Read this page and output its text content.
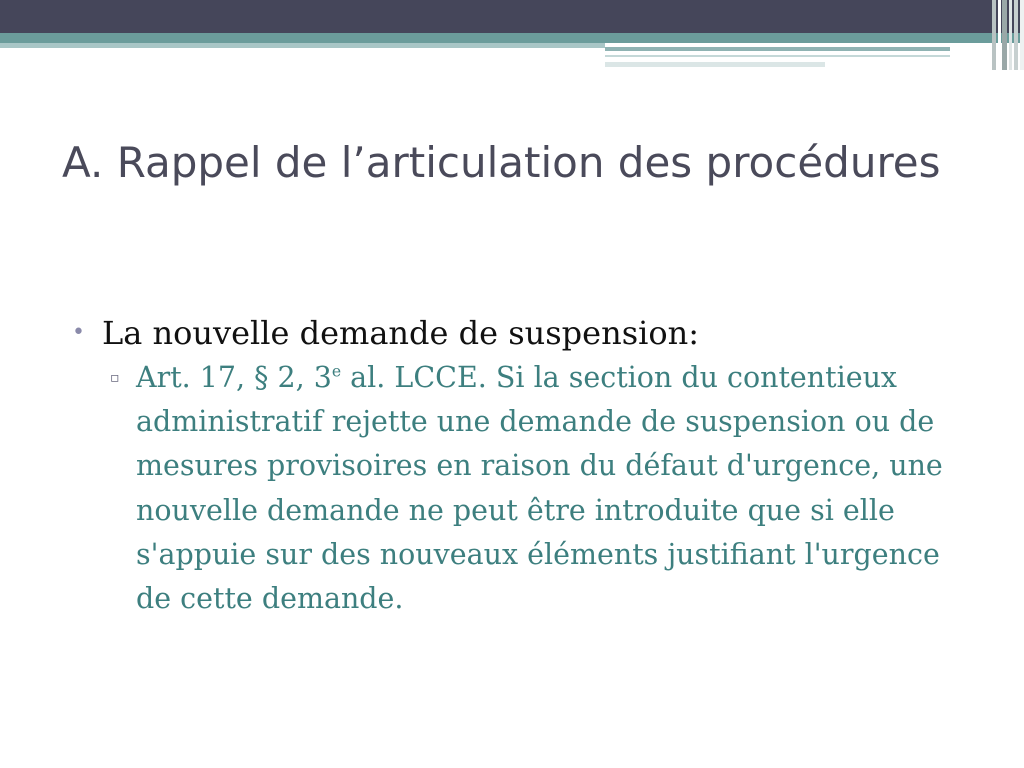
A. Rappel de l’articulation des procédures
• La nouvelle demande de suspension:
▫ Art. 17, § 2, 3e al. LCCE. Si la section du contentieux administratif rejette une demande de suspension ou de mesures provisoires en raison du défaut d'urgence, une nouvelle demande ne peut être introduite que si elle s'appuie sur des nouveaux éléments justifiant l'urgence de cette demande.
